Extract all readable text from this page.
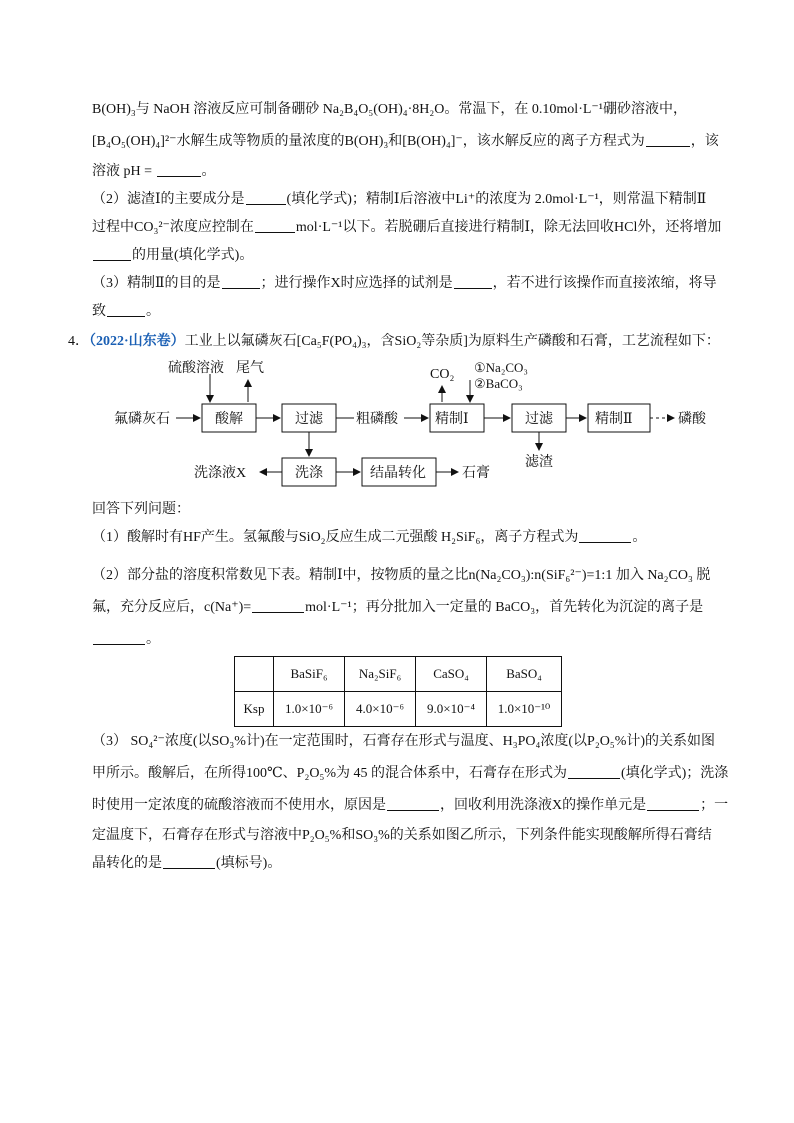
B(OH)₃与 NaOH 溶液反应可制备硼砂 Na₂B₄O₅(OH)₄·8H₂O。常温下，在 0.10mol·L⁻¹硼砂溶液中，
[B₄O₅(OH)₄]²⁻水解生成等物质的量浓度的B(OH)₃和[B(OH)₄]⁻，该水解反应的离子方程式为	，该
溶液 pH =	。
（2）滤渣Ⅰ的主要成分是	(填化学式)；精制Ⅰ后溶液中Li⁺的浓度为 2.0mol·L⁻¹，则常温下精制Ⅱ
过程中CO₃²⁻浓度应控制在	mol·L⁻¹以下。若脱硼后直接进行精制Ⅰ，除无法回收HCl外，还将增加
的用量(填化学式)。
（3）精制Ⅱ的目的是	；进行操作X时应选择的试剂是	，若不进行该操作而直接浓缩，将导
致	。
4．（2022·山东卷）工业上以氟磷灰石[Ca₅F(PO₄)₃，含SiO₂等杂质]为原料生产磷酸和石膏，工艺流程如下：
氟磷灰石
硫酸溶液 尾气
酸解	过滤 粗磷酸
CO₂ ①Na₂CO₃
②BaCO₃
精制Ⅰ	过滤	精制Ⅱ	磷酸
滤渣
洗涤液X	洗涤	结晶转化	石膏
回答下列问题：
（1）酸解时有HF产生。氢氟酸与SiO₂反应生成二元强酸 H₂SiF₆，离子方程式为	。
（2）部分盐的溶度积常数见下表。精制Ⅰ中，按物质的量之比n(Na₂CO₃):n(SiF₆²⁻)=1:1 加入 Na₂CO₃ 脱
氟，充分反应后，c(Na⁺)=	mol·L⁻¹；再分批加入一定量的 BaCO₃，首先转化为沉淀的离子是
。
	BaSiF₆	Na₂SiF₆	CaSO₄	BaSO₄
Ksp	1.0×10⁻⁶	4.0×10⁻⁶	9.0×10⁻⁴	1.0×10⁻¹⁰
（3） SO₄²⁻浓度(以SO₃%计)在一定范围时，石膏存在形式与温度、H₃PO₄浓度(以P₂O₅%计)的关系如图
甲所示。酸解后，在所得100℃、P₂O₅%为 45 的混合体系中，石膏存在形式为	(填化学式)；洗涤
时使用一定浓度的硫酸溶液而不使用水，原因是	，回收利用洗涤液X的操作单元是	；一
定温度下，石膏存在形式与溶液中P₂O₅%和SO₃%的关系如图乙所示，下列条件能实现酸解所得石膏结
晶转化的是	(填标号)。
